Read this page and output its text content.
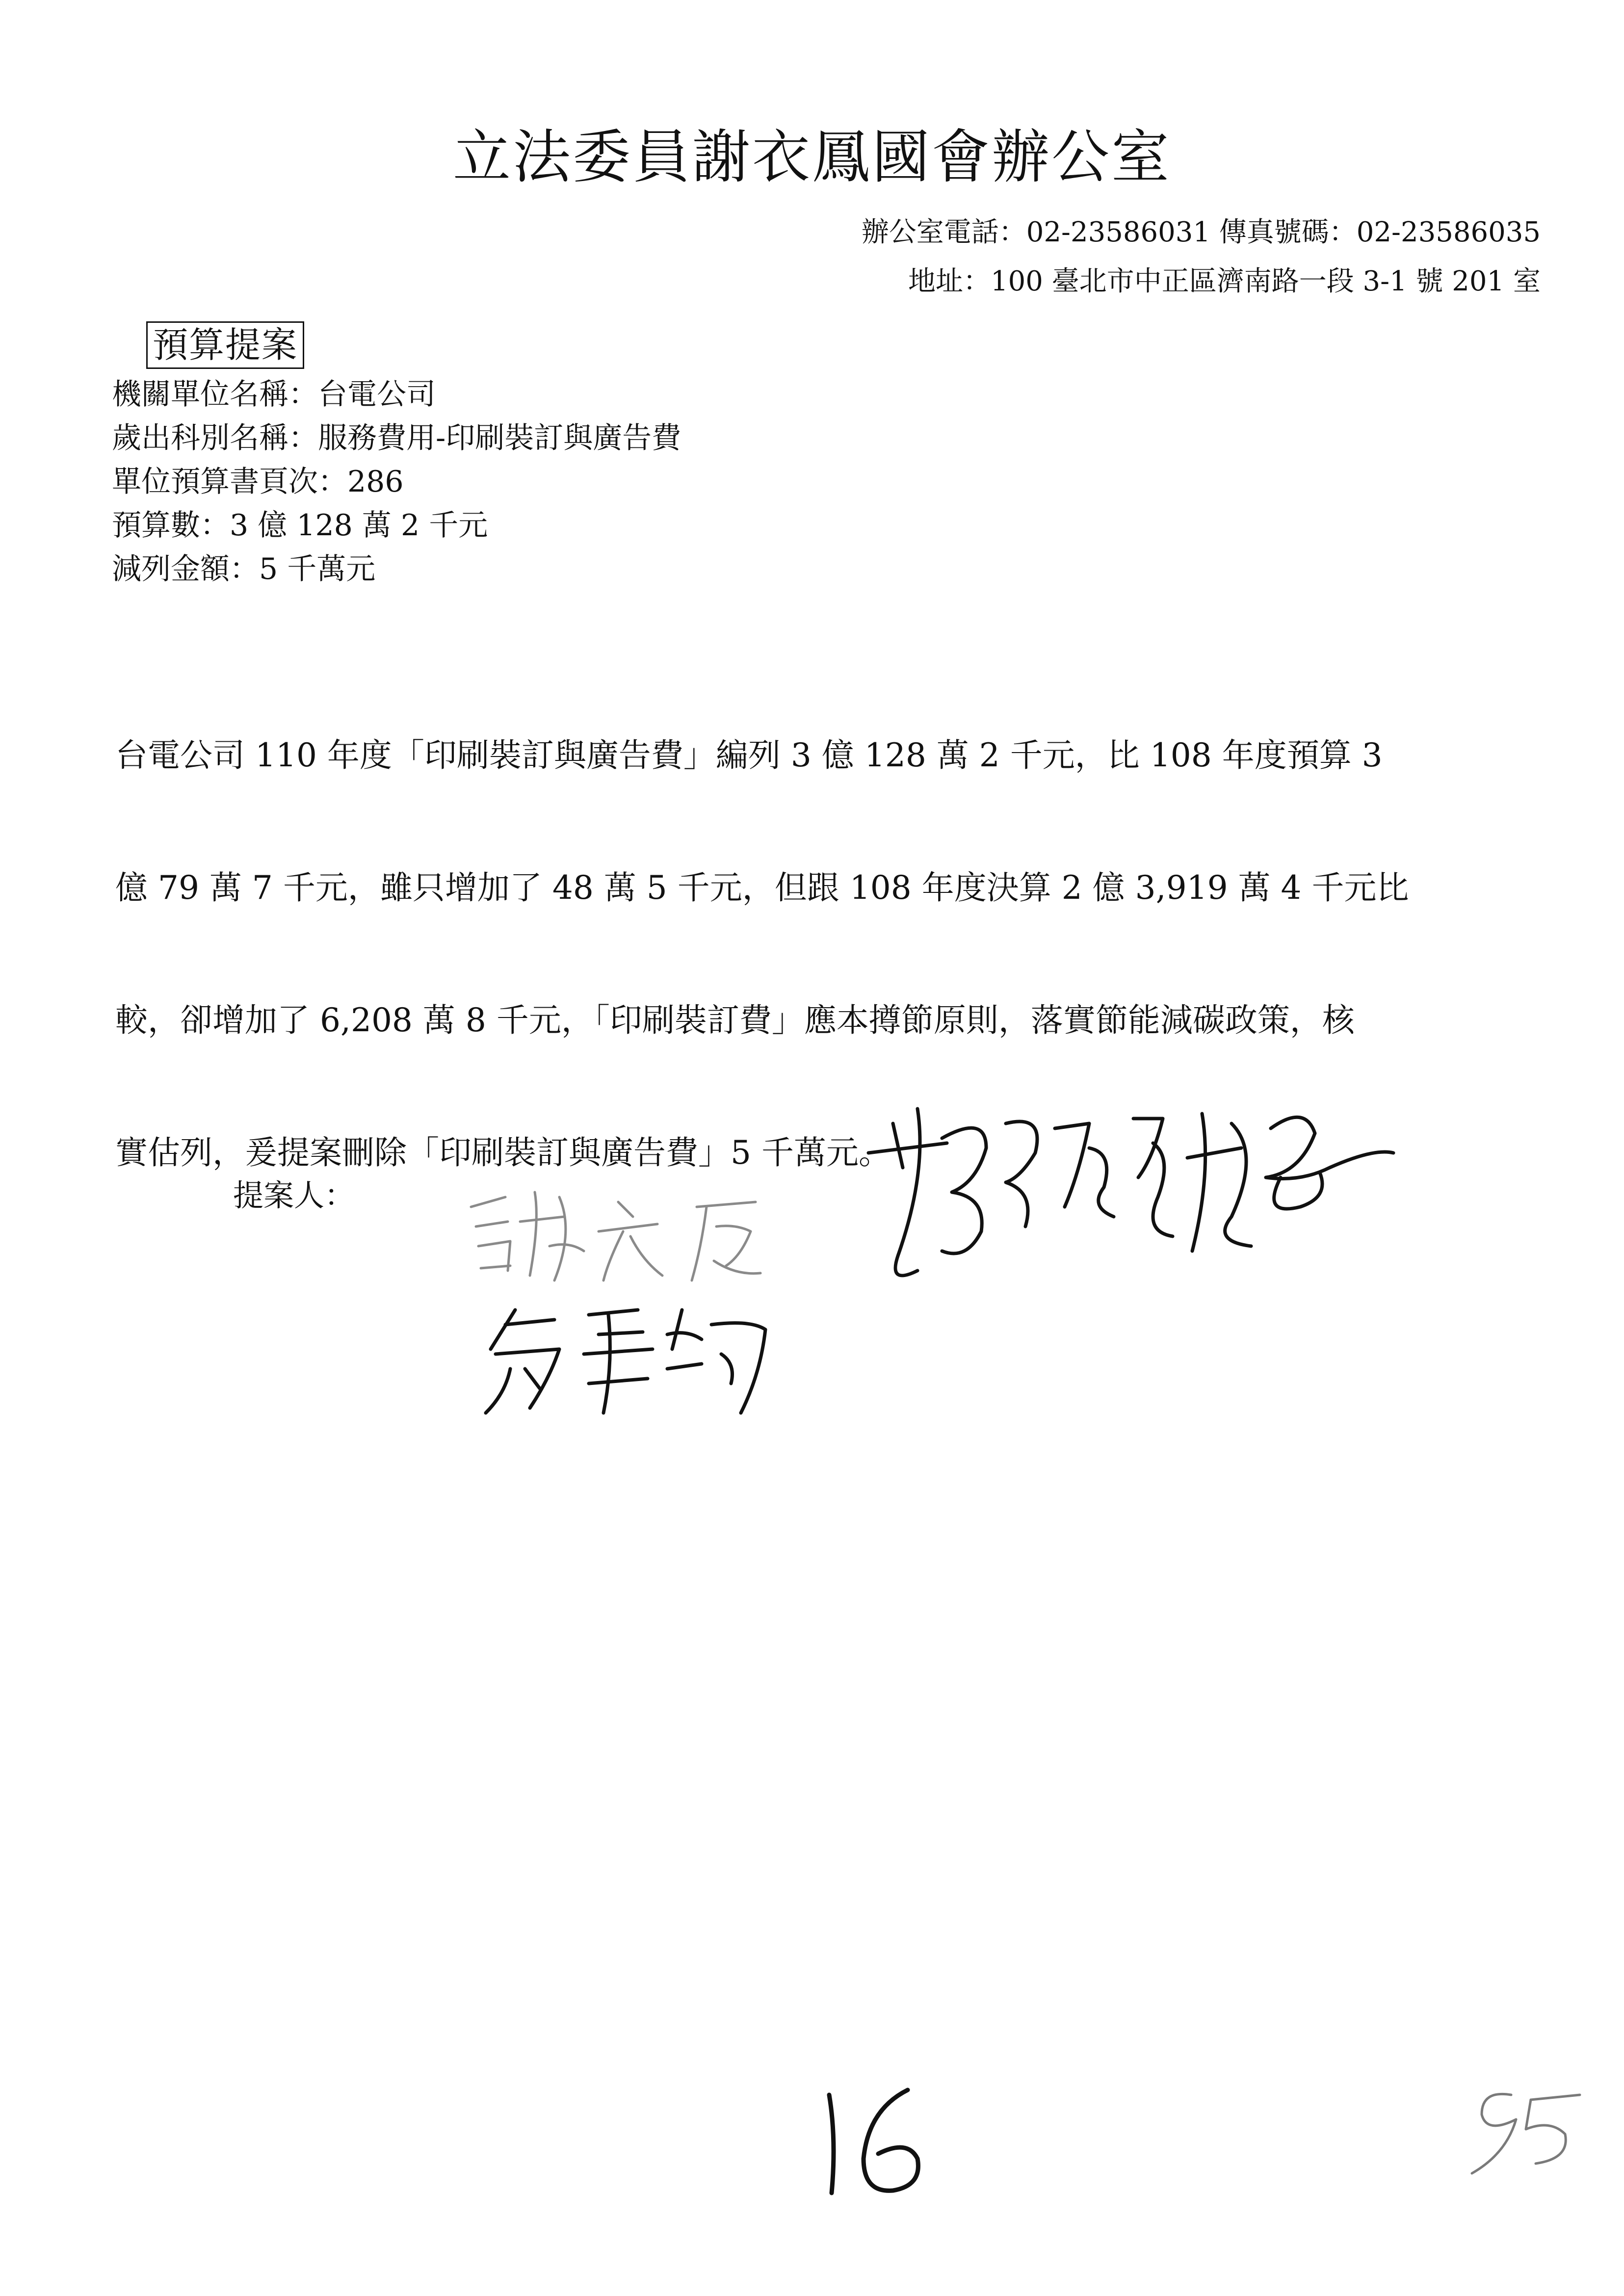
立法委員謝衣鳳國會辦公室
辦公室電話：02-23586031 傳真號碼：02-23586035
地址：100 臺北市中正區濟南路一段 3-1 號 201 室
預算提案
機關單位名稱：台電公司
歲出科別名稱：服務費用-印刷裝訂與廣告費
單位預算書頁次：286
預算數：3 億 128 萬 2 千元
減列金額：5 千萬元

台電公司 110 年度「印刷裝訂與廣告費」編列 3 億 128 萬 2 千元，比 108 年度預算 3

億 79 萬 7 千元，雖只增加了 48 萬 5 千元，但跟 108 年度決算 2 億 3,919 萬 4 千元比

較，卻增加了 6,208 萬 8 千元，「印刷裝訂費」應本撙節原則，落實節能減碳政策，核

實估列，爰提案刪除「印刷裝訂與廣告費」5 千萬元。

提案人：
